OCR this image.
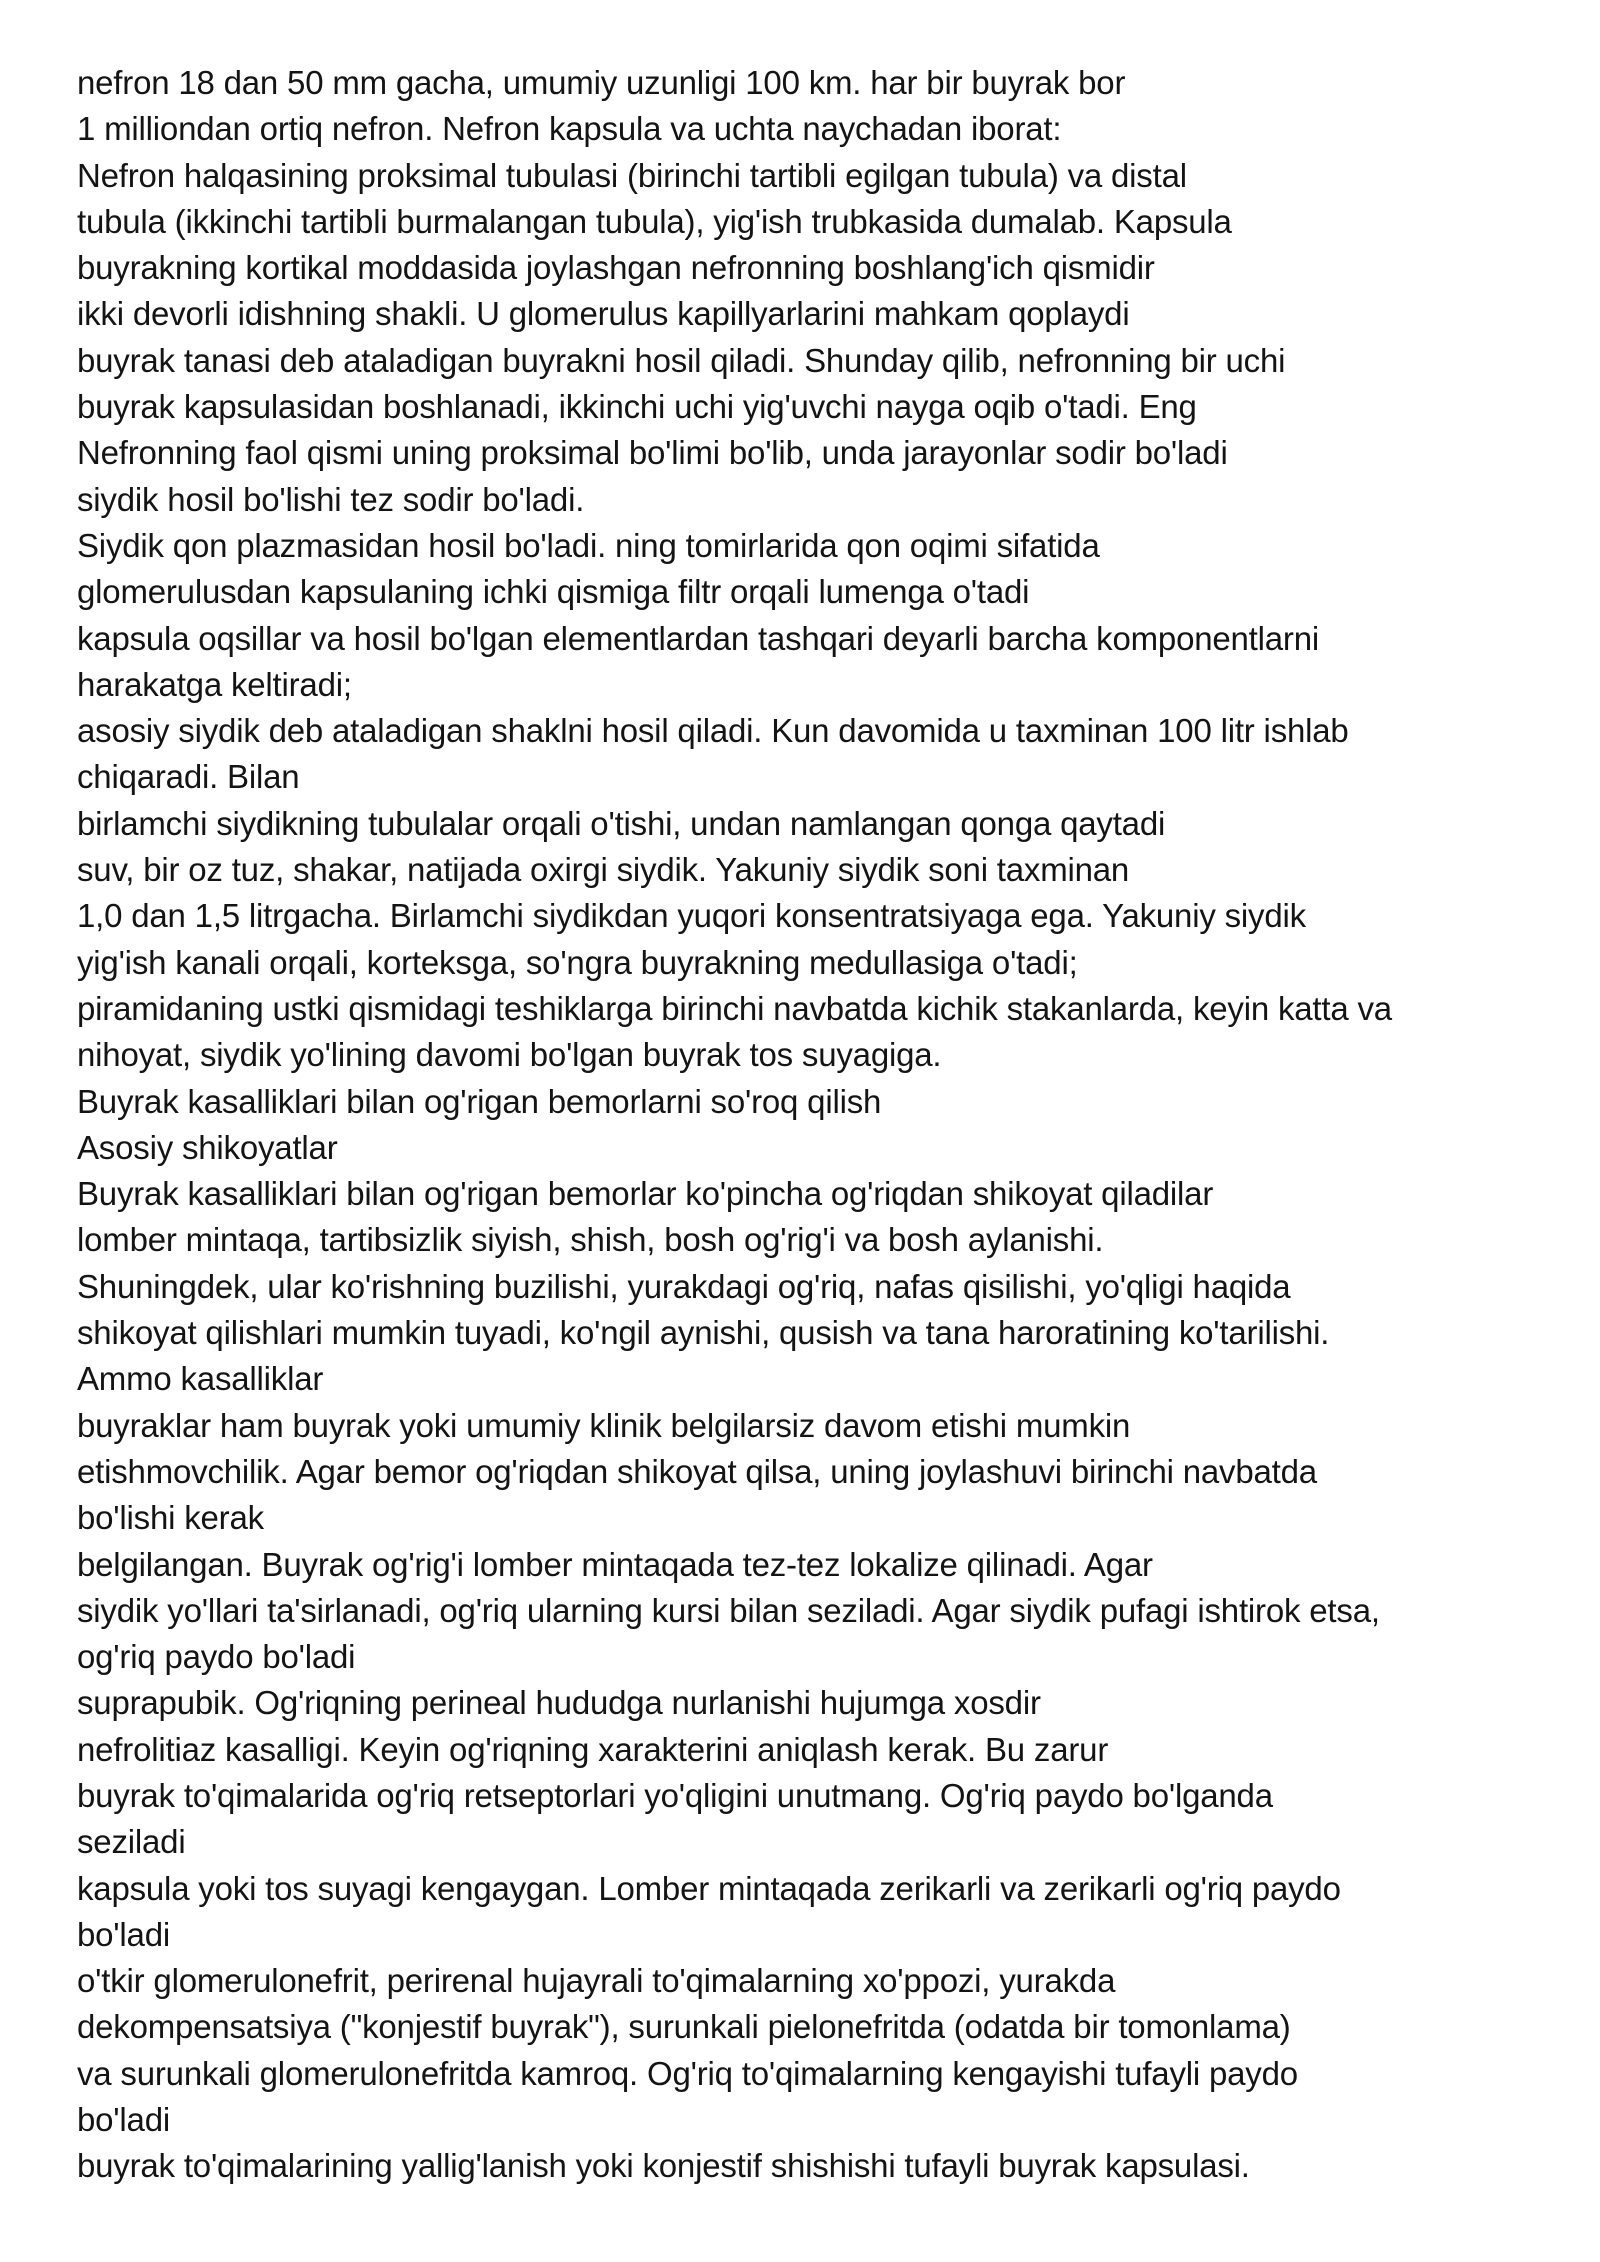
nefron 18 dan 50 mm gacha, umumiy uzunligi 100 km. har bir buyrak bor
1 milliondan ortiq nefron. Nefron kapsula va uchta naychadan iborat:
Nefron halqasining proksimal tubulasi (birinchi tartibli egilgan tubula) va distal
tubula (ikkinchi tartibli burmalangan tubula), yig'ish trubkasida dumalab. Kapsula
buyrakning kortikal moddasida joylashgan nefronning boshlang'ich qismidir
ikki devorli idishning shakli. U glomerulus kapillyarlarini mahkam qoplaydi
buyrak tanasi deb ataladigan buyrakni hosil qiladi. Shunday qilib, nefronning bir uchi
buyrak kapsulasidan boshlanadi, ikkinchi uchi yig'uvchi nayga oqib o'tadi. Eng
Nefronning faol qismi uning proksimal bo'limi bo'lib, unda jarayonlar sodir bo'ladi
siydik hosil bo'lishi tez sodir bo'ladi.
Siydik qon plazmasidan hosil bo'ladi. ning tomirlarida qon oqimi sifatida
glomerulusdan kapsulaning ichki qismiga filtr orqali lumenga o'tadi
kapsula oqsillar va hosil bo'lgan elementlardan tashqari deyarli barcha komponentlarni
harakatga keltiradi;
asosiy siydik deb ataladigan shaklni hosil qiladi. Kun davomida u taxminan 100 litr ishlab
chiqaradi. Bilan
birlamchi siydikning tubulalar orqali o'tishi, undan namlangan qonga qaytadi
suv, bir oz tuz, shakar, natijada oxirgi siydik. Yakuniy siydik soni taxminan
1,0 dan 1,5 litrgacha. Birlamchi siydikdan yuqori konsentratsiyaga ega. Yakuniy siydik
yig'ish kanali orqali, korteksga, so'ngra buyrakning medullasiga o'tadi;
piramidaning ustki qismidagi teshiklarga birinchi navbatda kichik stakanlarda, keyin katta va
nihoyat, siydik yo'lining davomi bo'lgan buyrak tos suyagiga.
Buyrak kasalliklari bilan og'rigan bemorlarni so'roq qilish
Asosiy shikoyatlar
Buyrak kasalliklari bilan og'rigan bemorlar ko'pincha og'riqdan shikoyat qiladilar
lomber mintaqa, tartibsizlik siyish, shish, bosh og'rig'i va bosh aylanishi.
Shuningdek, ular ko'rishning buzilishi, yurakdagi og'riq, nafas qisilishi, yo'qligi haqida
shikoyat qilishlari mumkin tuyadi, ko'ngil aynishi, qusish va tana haroratining ko'tarilishi.
Ammo kasalliklar
buyraklar ham buyrak yoki umumiy klinik belgilarsiz davom etishi mumkin
etishmovchilik. Agar bemor og'riqdan shikoyat qilsa, uning joylashuvi birinchi navbatda
bo'lishi kerak
belgilangan. Buyrak og'rig'i lomber mintaqada tez-tez lokalize qilinadi. Agar
siydik yo'llari ta'sirlanadi, og'riq ularning kursi bilan seziladi. Agar siydik pufagi ishtirok etsa,
og'riq paydo bo'ladi
suprapubik. Og'riqning perineal hududga nurlanishi hujumga xosdir
nefrolitiaz kasalligi. Keyin og'riqning xarakterini aniqlash kerak. Bu zarur
buyrak to'qimalarida og'riq retseptorlari yo'qligini unutmang. Og'riq paydo bo'lganda
seziladi
kapsula yoki tos suyagi kengaygan. Lomber mintaqada zerikarli va zerikarli og'riq paydo
bo'ladi
o'tkir glomerulonefrit, perirenal hujayrali to'qimalarning xo'ppozi, yurakda
dekompensatsiya ("konjestif buyrak"), surunkali pielonefritda (odatda bir tomonlama)
va surunkali glomerulonefritda kamroq. Og'riq to'qimalarning kengayishi tufayli paydo
bo'ladi
buyrak to'qimalarining yallig'lanish yoki konjestif shishishi tufayli buyrak kapsulasi.
